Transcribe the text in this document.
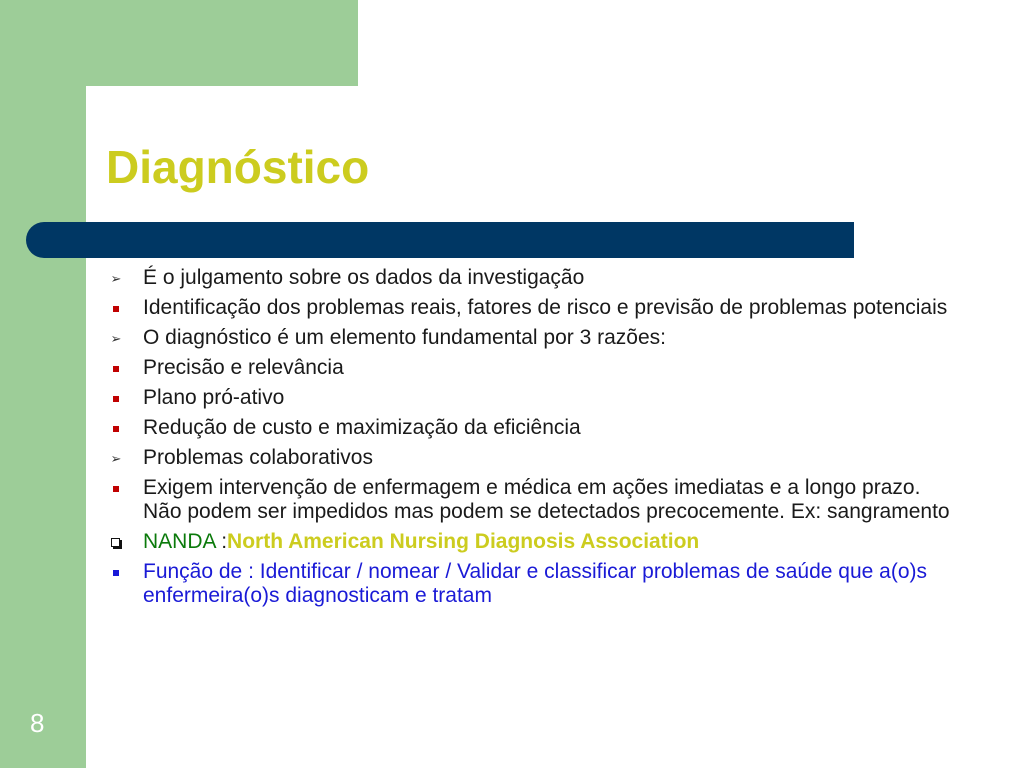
Diagnóstico
➢ É o julgamento sobre os dados da investigação
Identificação dos problemas reais, fatores de risco e previsão de problemas potenciais
➢ O diagnóstico é um elemento fundamental por 3 razões:
Precisão e relevância
Plano pró-ativo
Redução de custo e maximização da eficiência
➢ Problemas colaborativos
Exigem intervenção de enfermagem e médica em ações imediatas e a longo prazo. Não podem ser impedidos mas podem se detectados precocemente. Ex: sangramento
NANDA :North American Nursing Diagnosis Association
Função de : Identificar / nomear / Validar e classificar problemas de saúde que a(o)s enfermeira(o)s diagnosticam e tratam
8
